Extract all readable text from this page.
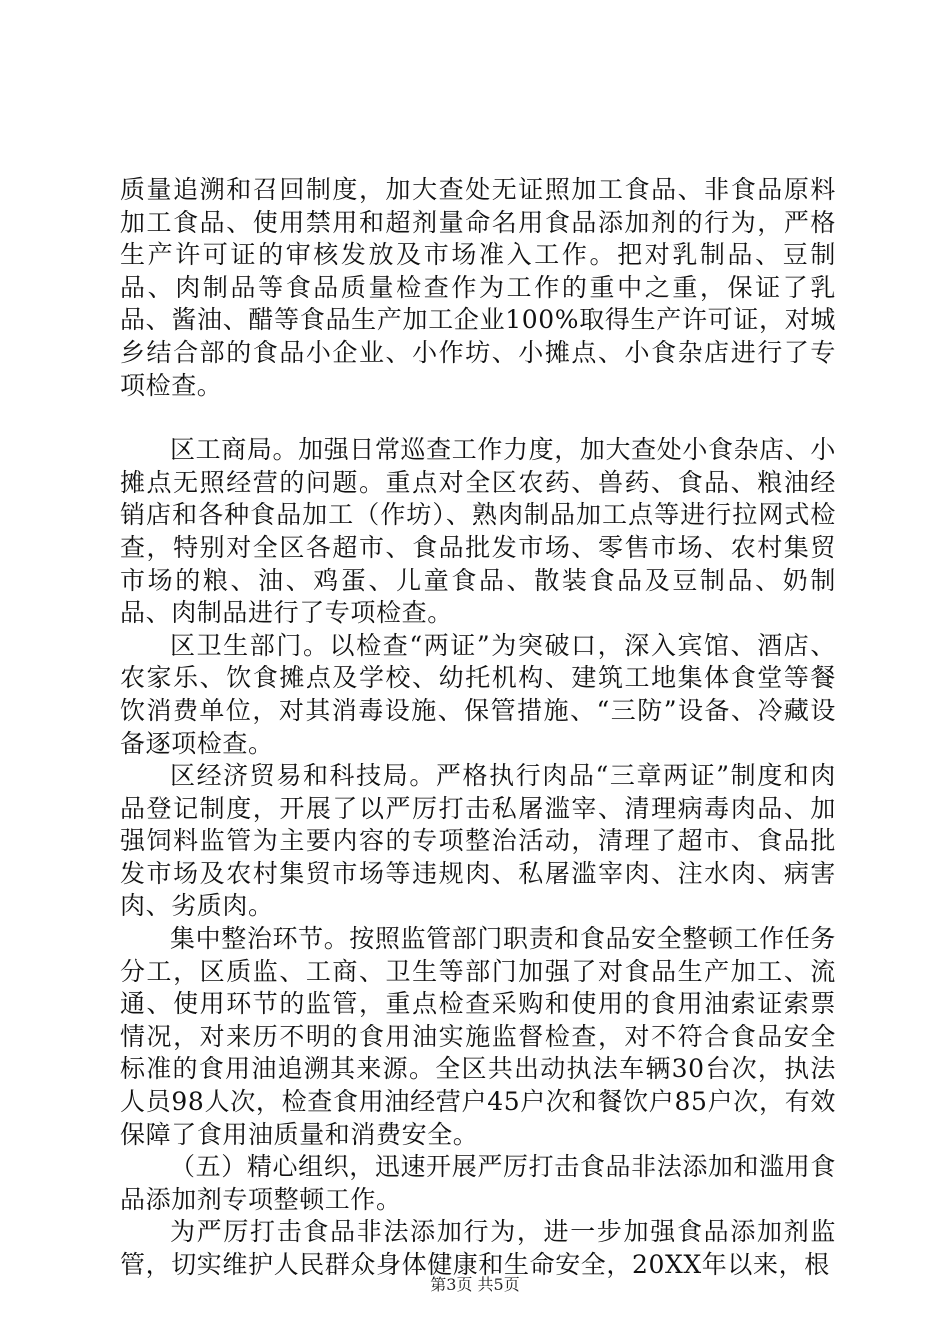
质量追溯和召回制度，加大查处无证照加工食品、非食品原料加工食品、使用禁用和超剂量命名用食品添加剂的行为，严格生产许可证的审核发放及市场准入工作。把对乳制品、豆制品、肉制品等食品质量检查作为工作的重中之重，保证了乳品、酱油、醋等食品生产加工企业100%取得生产许可证，对城乡结合部的食品小企业、小作坊、小摊点、小食杂店进行了专项检查。

区工商局。加强日常巡查工作力度，加大查处小食杂店、小摊点无照经营的问题。重点对全区农药、兽药、食品、粮油经销店和各种食品加工（作坊）、熟肉制品加工点等进行拉网式检查，特别对全区各超市、食品批发市场、零售市场、农村集贸市场的粮、油、鸡蛋、儿童食品、散装食品及豆制品、奶制品、肉制品进行了专项检查。

区卫生部门。以检查“两证”为突破口，深入宾馆、酒店、农家乐、饮食摊点及学校、幼托机构、建筑工地集体食堂等餐饮消费单位，对其消毒设施、保管措施、“三防”设备、冷藏设备逐项检查。

区经济贸易和科技局。严格执行肉品“三章两证”制度和肉品登记制度，开展了以严厉打击私屠滥宰、清理病毒肉品、加强饲料监管为主要内容的专项整治活动，清理了超市、食品批发市场及农村集贸市场等违规肉、私屠滥宰肉、注水肉、病害肉、劣质肉。

集中整治环节。按照监管部门职责和食品安全整顿工作任务分工，区质监、工商、卫生等部门加强了对食品生产加工、流通、使用环节的监管，重点检查采购和使用的食用油索证索票情况，对来历不明的食用油实施监督检查，对不符合食品安全标准的食用油追溯其来源。全区共出动执法车辆30台次，执法人员98人次，检查食用油经营户45户次和餐饮户85户次，有效保障了食用油质量和消费安全。

（五）精心组织，迅速开展严厉打击食品非法添加和滥用食品添加剂专项整顿工作。

为严厉打击食品非法添加行为，进一步加强食品添加剂监管，切实维护人民群众身体健康和生命安全，20XX年以来，根

第3页 共5页
